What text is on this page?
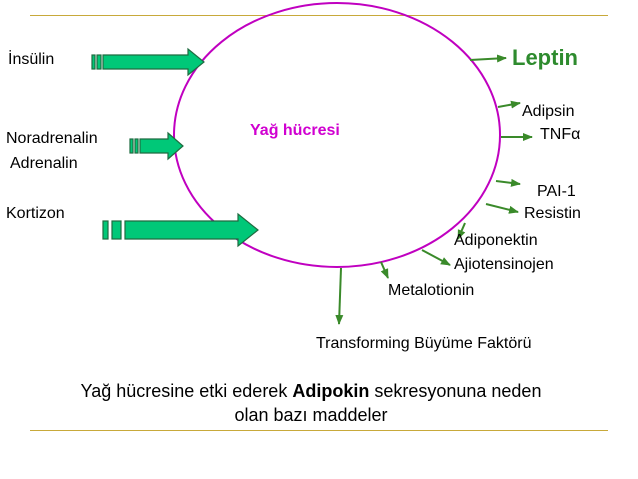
Yağ hücresi
İnsülin
Noradrenalin
Adrenalin
Kortizon
Leptin
Adipsin
TNFα
PAI-1
Resistin
Adiponektin
Ajiotensinojen
Metalotionin
Transforming Büyüme Faktörü
Yağ hücresine etki ederek Adipokin sekresyonuna neden
olan bazı maddeler
